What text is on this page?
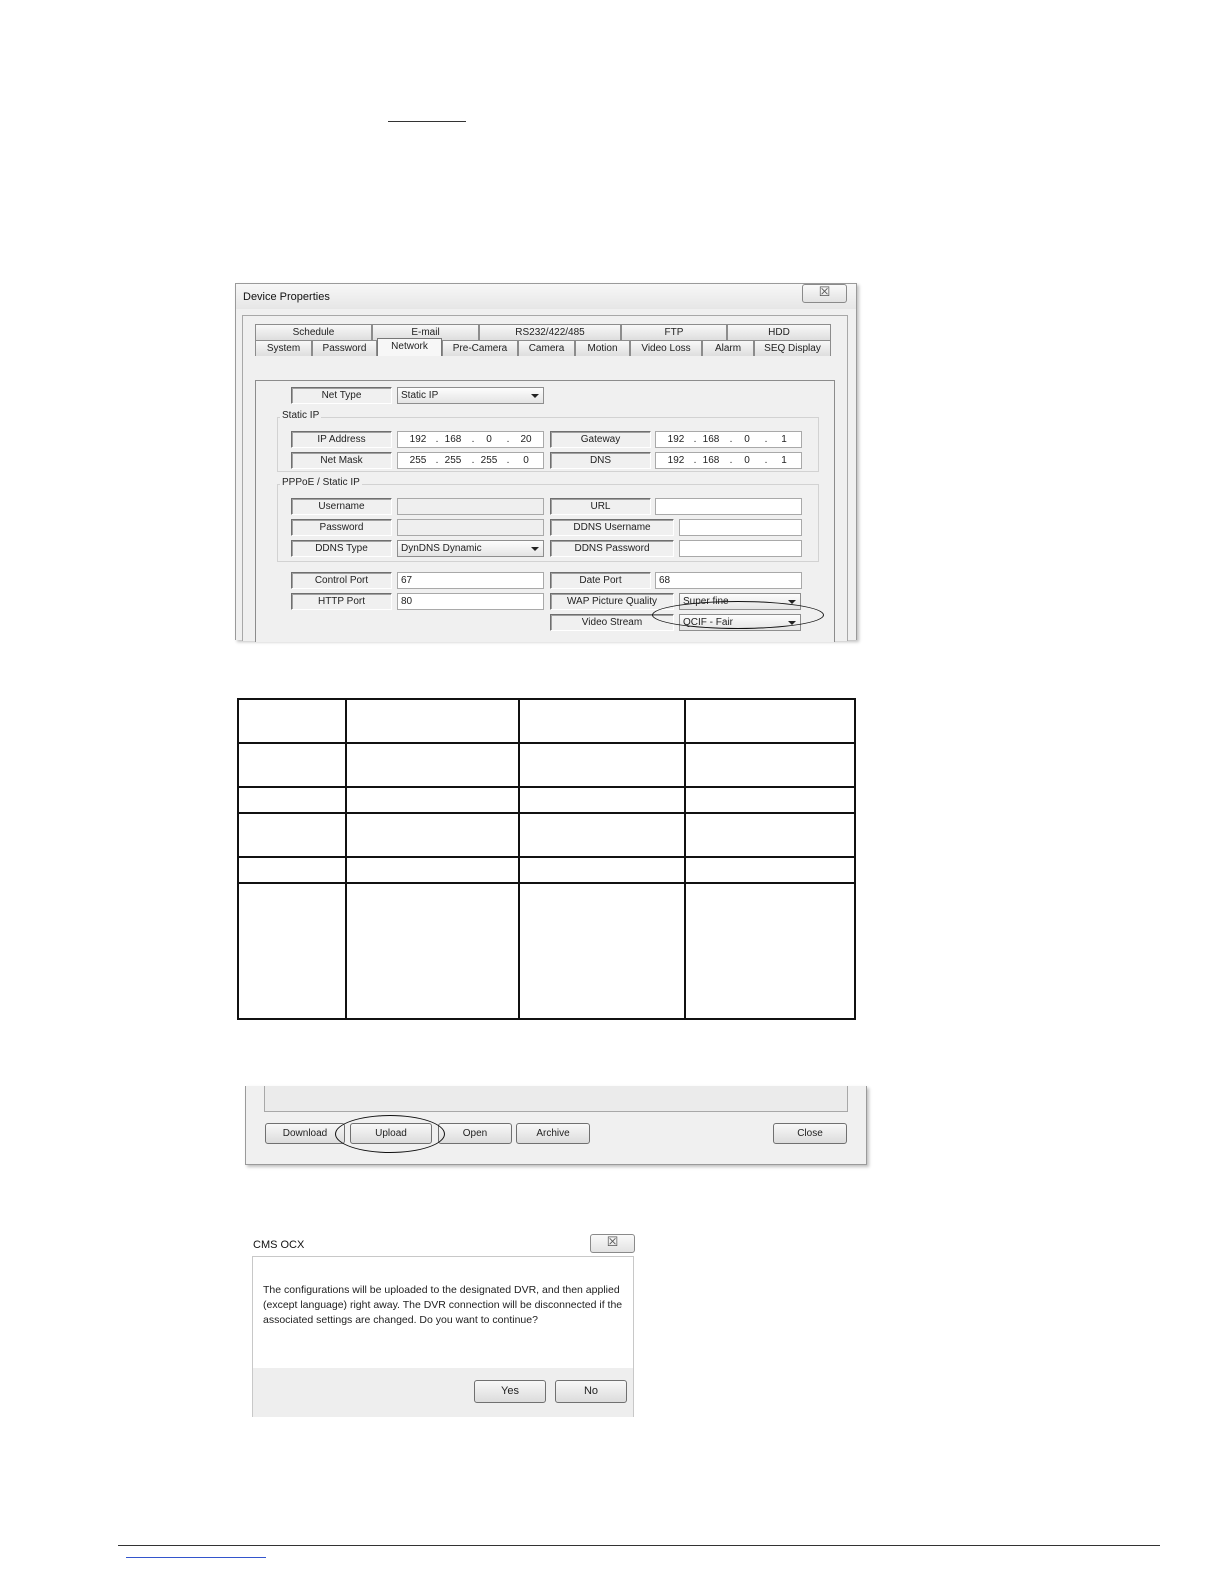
Device Properties	☒
Schedule	E-mail	RS232/422/485	FTP	HDD
System	Password	Network	Pre-Camera	Camera	Motion	Video Loss	Alarm	SEQ Display
Net Type	Static IP
Static IP
IP Address	192 . 168	.	0	.	20	Gateway	192 . 168	.	0	.	1
Net Mask	255 . 255	. 255 .	0	DNS	192 . 168	.	0	.	1
PPPoE / Static IP
Username	URL
Password	DDNS Username
DDNS Type	DynDNS Dynamic	DDNS Password
Control Port	67	Date Port	68
HTTP Port	80	WAP Picture Quality	Super fine
Video Stream	QCIF - Fair

Download	Upload	Open	Archive	Close
CMS OCX	☒
The configurations will be uploaded to the designated DVR, and then applied (except language) right away. The DVR connection will be disconnected if the associated settings are changed. Do you want to continue?
Yes	No
